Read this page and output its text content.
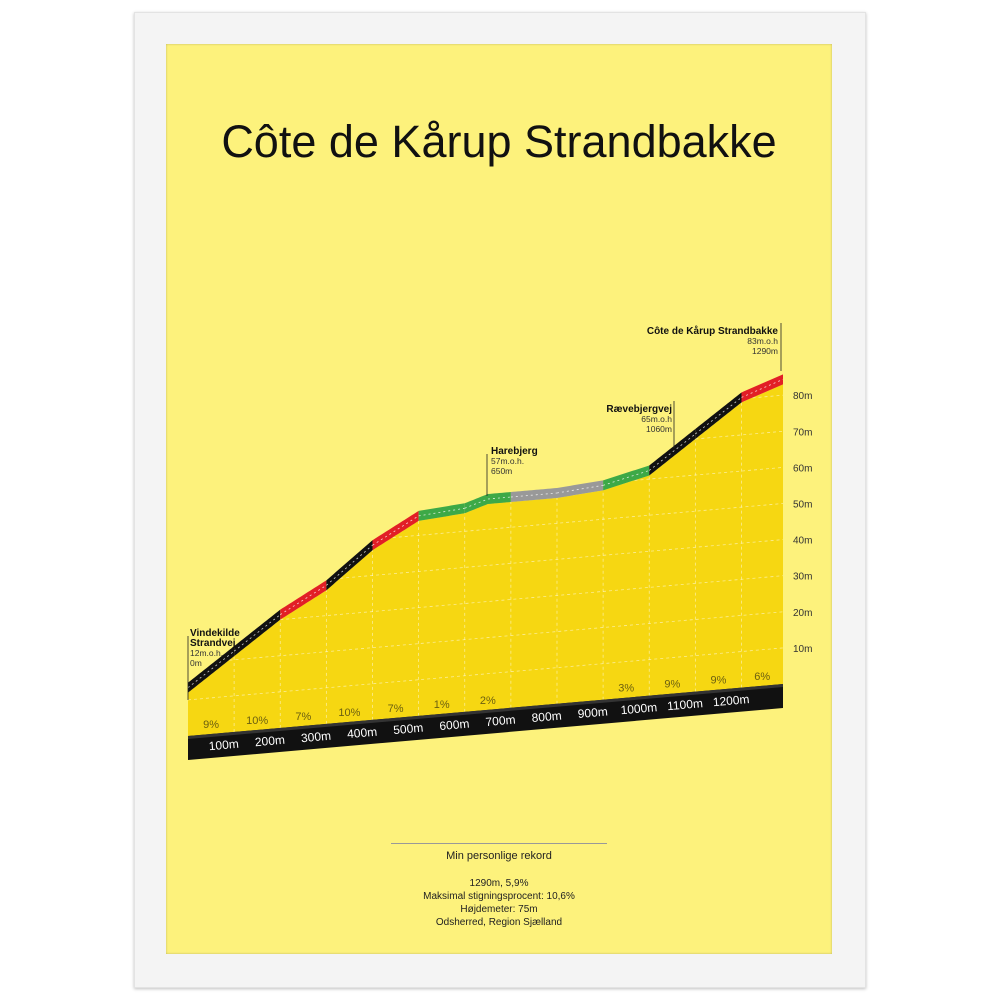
Côte de Kårup Strandbakke
100m 200m 300m 400m 500m 600m 700m 800m 900m 1000m 1100m 1200m
9% 10% 7% 10% 7%	1%	2%
3%	9%	9%	6%
10m
20m
30m
40m
50m
60m
70m
80m
Vindekilde
Strandvej
12m.o.h.
0m
Harebjerg
57m.o.h.
650m
Rævebjergvej
65m.o.h
1060m
Côte de Kårup Strandbakke
83m.o.h
1290m
Min personlige rekord
1290m, 5,9%
Maksimal stigningsprocent: 10,6%
Højdemeter: 75m
Odsherred, Region Sjælland
